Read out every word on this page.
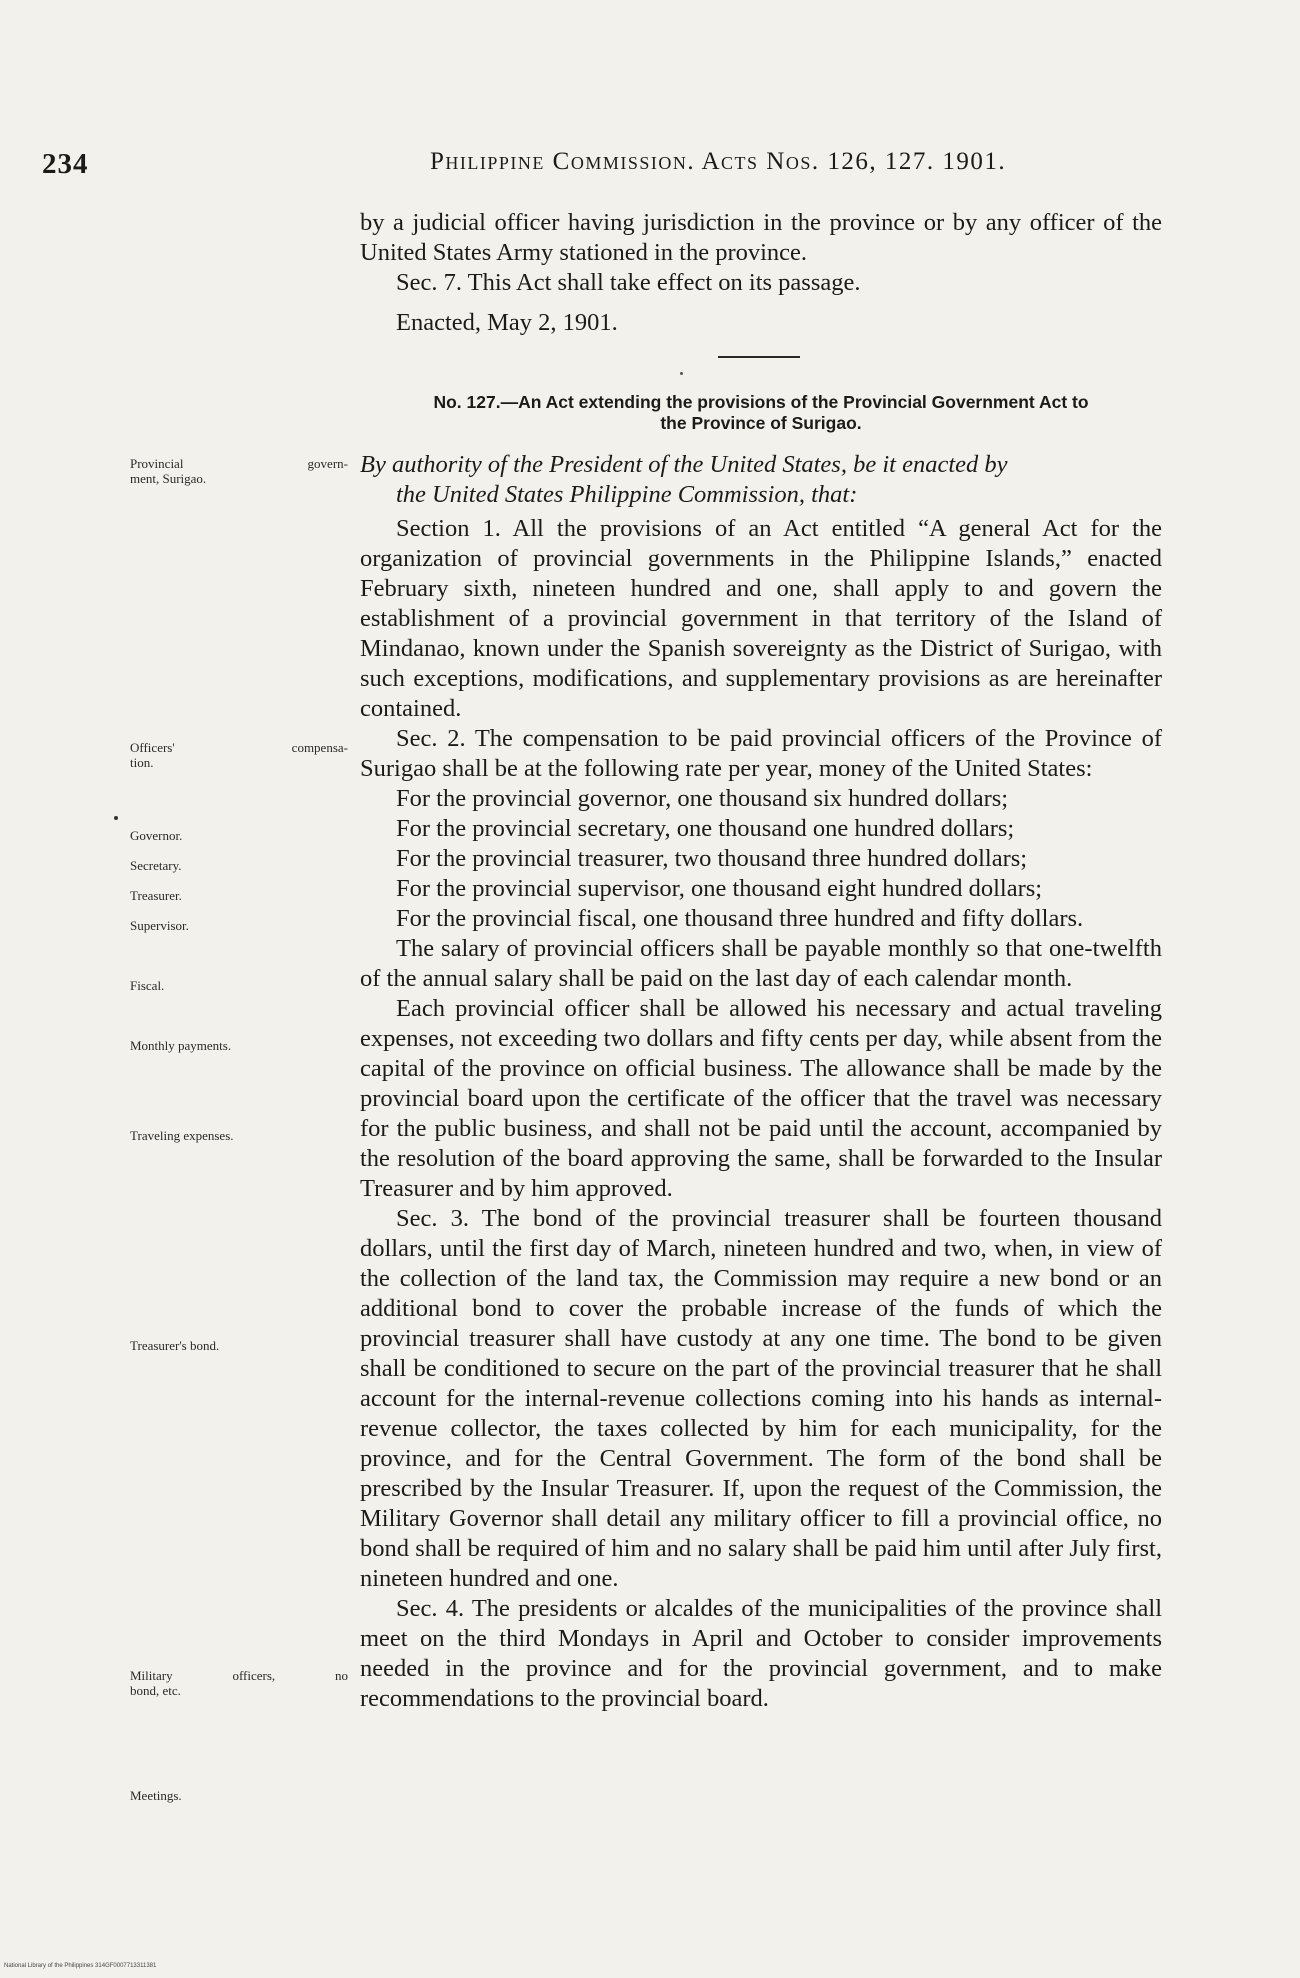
234	Philippine Commission. Acts Nos. 126, 127. 1901.

by a judicial officer having jurisdiction in the province or by any officer of the United States Army stationed in the province.

Sec. 7. This Act shall take effect on its passage.

Enacted, May 2, 1901.
No. 127.—An Act extending the provisions of the Provincial Government Act to
the Province of Surigao.
By authority of the President of the United States, be it enacted by
the United States Philippine Commission, that:

Section 1. All the provisions of an Act entitled “A general Act for the organization of provincial governments in the Philippine Islands,” enacted February sixth, nineteen hundred and one, shall apply to and govern the establishment of a provincial government in that territory of the Island of Mindanao, known under the Spanish sovereignty as the District of Surigao, with such exceptions, modifications, and supplementary provisions as are hereinafter contained.

Sec. 2. The compensation to be paid provincial officers of the Province of Surigao shall be at the following rate per year, money of the United States:

For the provincial governor, one thousand six hundred dollars;

For the provincial secretary, one thousand one hundred dollars;

For the provincial treasurer, two thousand three hundred dollars;

For the provincial supervisor, one thousand eight hundred dollars;

For the provincial fiscal, one thousand three hundred and fifty dollars.

The salary of provincial officers shall be payable monthly so that one-twelfth of the annual salary shall be paid on the last day of each calendar month.

Each provincial officer shall be allowed his necessary and actual traveling expenses, not exceeding two dollars and fifty cents per day, while absent from the capital of the province on official business. The allowance shall be made by the provincial board upon the certificate of the officer that the travel was necessary for the public business, and shall not be paid until the account, accompanied by the resolution of the board approving the same, shall be forwarded to the Insular Treasurer and by him approved.

Sec. 3. The bond of the provincial treasurer shall be fourteen thousand dollars, until the first day of March, nineteen hundred and two, when, in view of the collection of the land tax, the Commission may require a new bond or an additional bond to cover the probable increase of the funds of which the provincial treasurer shall have custody at any one time. The bond to be given shall be conditioned to secure on the part of the provincial treasurer that he shall account for the internal-revenue collections coming into his hands as internal-revenue collector, the taxes collected by him for each municipality, for the province, and for the Central Government. The form of the bond shall be prescribed by the Insular Treasurer. If, upon the request of the Commission, the Military Governor shall detail any military officer to fill a provincial office, no bond shall be required of him and no salary shall be paid him until after July first, nineteen hundred and one.

Sec. 4. The presidents or alcaldes of the municipalities of the province shall meet on the third Mondays in April and October to consider improvements needed in the province and for the provincial government, and to make recommendations to the provincial board.

Provincial govern-
ment, Surigao.
Officers' compensa-
tion.
Governor.
Secretary.
Treasurer.
Supervisor.
Fiscal.
Monthly payments.
Traveling expenses.
Treasurer's bond.
Military officers, no
bond, etc.
Meetings.
National Library of the Philippines 314GF0007713311381
